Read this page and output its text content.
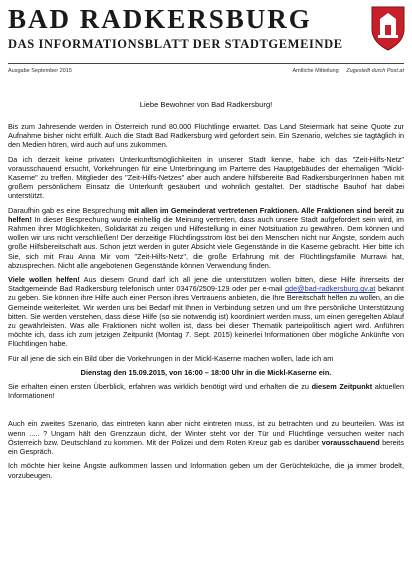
BAD RADKERSBURG
DAS INFORMATIONSBLATT DER STADTGEMEINDE
Ausgabe September 2015	Amtliche Mitteilung Zugestellt durch Post.at
Liebe Bewohner von Bad Radkersburg!

Bis zum Jahresende werden in Österreich rund 80.000 Flüchtlinge erwartet. Das Land Steiermark hat seine Quote zur Aufnahme bisher nicht erfüllt. Auch die Stadt Bad Radkersburg wird gefordert sein. Ein Szenario, welches sie tagtäglich in den Medien hören, wird auch auf uns zukommen.

Da ich derzeit keine privaten Unterkunftsmöglichkeiten in unserer Stadt kenne, habe ich das "Zeit-Hilfs-Netz" vorausschauend ersucht, Vorkehrungen für eine Unterbringung im Parterre des Hauptgebäudes der ehemaligen "Mickl-Kaserne" zu treffen. Mitglieder des "Zeit-Hilfs-Netzes" aber auch andere hilfsbereite Bad RadkersburgerInnen haben mit großem persönlichem Einsatz die Unterkunft gesäubert und wohnlich gestaltet. Der städtische Bauhof hat dabei unterstützt.

Daraufhin gab es eine Besprechung mit allen im Gemeinderat vertretenen Fraktionen. Alle Fraktionen sind bereit zu helfen! In dieser Besprechung wurde einhellig die Meinung vertreten, dass auch unsere Stadt aufgefordert sein wird, im Rahmen ihrer Möglichkeiten, Solidarität zu zeigen und Hilfestellung in einer Notsituation zu gewähren. Dem können und wollen wir uns nicht verschließen! Der derzeitige Flüchtlingsstrom löst bei den Menschen nicht nur Ängste, sondern auch große Hilfsbereitschaft aus. Schon jetzt werden in guter Absicht viele Gegenstände in die Kaserne gebracht. Hier bitte ich Sie, sich mit Frau Anna Mir vom "Zeit-Hilfs-Netz", die große Erfahrung mit der Flüchtlingsfamilie Murrawi hat, abzusprechen. Nicht alle angebotenen Gegenstände können Verwendung finden.

Viele wollen helfen! Aus diesem Grund darf ich all jene die unterstützen wollen bitten, diese Hilfe ihrerseits der Stadtgemeinde Bad Radkersburg telefonisch unter 03476/2509-129 oder per e-mail gde@bad-radkersburg.gv.at bekannt zu geben. Sie können ihre Hilfe auch einer Person ihres Vertrauens anbieten, die Ihre Bereitschaft helfen zu wollen, an die Gemeinde weiterleitet. Wir werden uns bei Bedarf mit Ihnen in Verbindung setzen und um Ihre persönliche Unterstützung bitten. Sie werden verstehen, dass diese Hilfe (so sie notwendig ist) koordiniert werden muss, um einen geregelten Ablauf zu gewährleisten. Was alle Fraktionen nicht wollen ist, dass bei dieser Thematik parteipolitisch agiert wird. Anführen möchte ich, dass ich zum jetzigen Zeitpunkt (Montag 7. Sept. 2015) keinerlei Informationen über mögliche Ankünfte von Flüchtlingen habe.

Für all jene die sich ein Bild über die Vorkehrungen in der Mickl-Kaserne machen wollen, lade ich am

Dienstag den 15.09.2015, von 16:00 – 18:00 Uhr in die Mickl-Kaserne ein.

Sie erhalten einen ersten Überblick, erfahren was wirklich benötigt wird und erhalten die zu diesem Zeitpunkt aktuellen Informationen!

Auch ein zweites Szenario, das eintreten kann aber nicht eintreten muss, ist zu betrachten und zu beurteilen. Was ist wenn ..... ? Ungarn hält den Grenzzaun dicht, der Winter steht vor der Tür und Flüchtlinge versuchen weiter nach Österreich bzw. Deutschland zu kommen. Mit der Polizei und dem Roten Kreuz gab es darüber vorausschauend bereits ein Gespräch.

Ich möchte hier keine Ängste aufkommen lassen und Information geben um der Gerüchteküche, die ja immer brodelt, vorzubeugen.
